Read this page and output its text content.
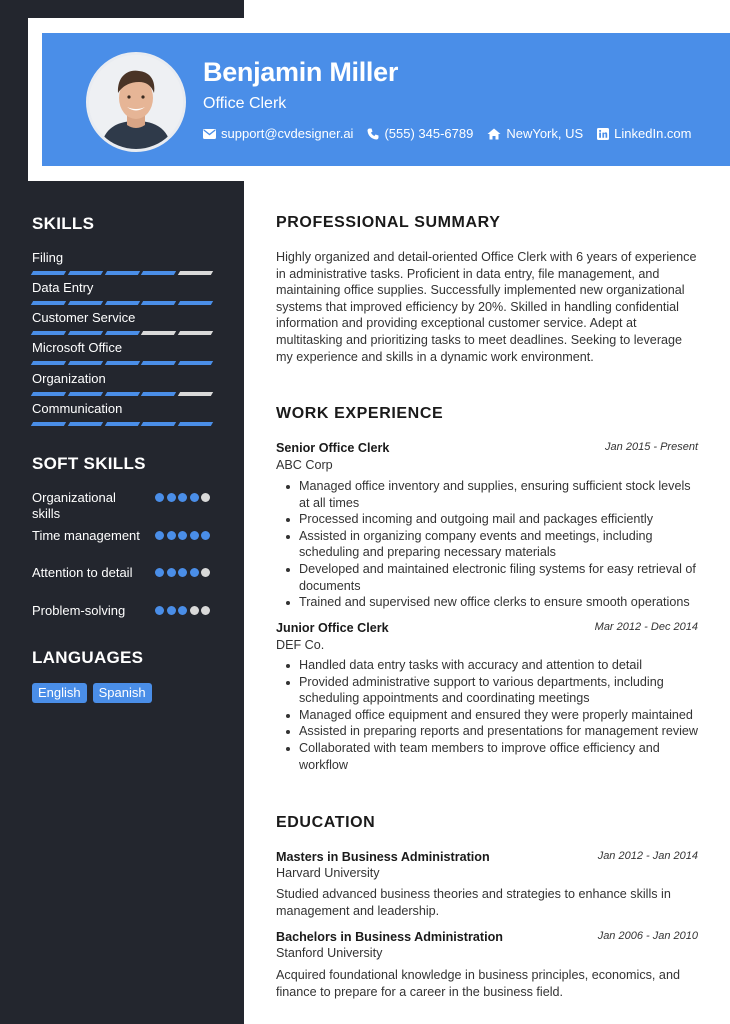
Benjamin Miller
Office Clerk
support@cvdesigner.ai (555) 345-6789	NewYork, US LinkedIn.com
SKILLS
Filing
Data Entry
Customer Service
Microsoft Office
Organization
Communication
SOFT SKILLS
Organizational skills
Time management
Attention to detail
Problem-solving
LANGUAGES
English	Spanish
PROFESSIONAL SUMMARY
Highly organized and detail-oriented Office Clerk with 6 years of experience in administrative tasks. Proficient in data entry, file management, and maintaining office supplies. Successfully implemented new organizational systems that improved efficiency by 20%. Skilled in handling confidential information and providing exceptional customer service. Adept at multitasking and prioritizing tasks to meet deadlines. Seeking to leverage my experience and skills in a dynamic work environment.
WORK EXPERIENCE
Senior Office Clerk	Jan 2015 - Present
ABC Corp
Managed office inventory and supplies, ensuring sufficient stock levels at all times
Processed incoming and outgoing mail and packages efficiently
Assisted in organizing company events and meetings, including scheduling and preparing necessary materials
Developed and maintained electronic filing systems for easy retrieval of documents
Trained and supervised new office clerks to ensure smooth operations
Junior Office Clerk	Mar 2012 - Dec 2014
DEF Co.
Handled data entry tasks with accuracy and attention to detail
Provided administrative support to various departments, including scheduling appointments and coordinating meetings
Managed office equipment and ensured they were properly maintained
Assisted in preparing reports and presentations for management review
Collaborated with team members to improve office efficiency and workflow
EDUCATION
Masters in Business Administration	Jan 2012 - Jan 2014
Harvard University
Studied advanced business theories and strategies to enhance skills in management and leadership.
Bachelors in Business Administration	Jan 2006 - Jan 2010
Stanford University
Acquired foundational knowledge in business principles, economics, and finance to prepare for a career in the business field.
